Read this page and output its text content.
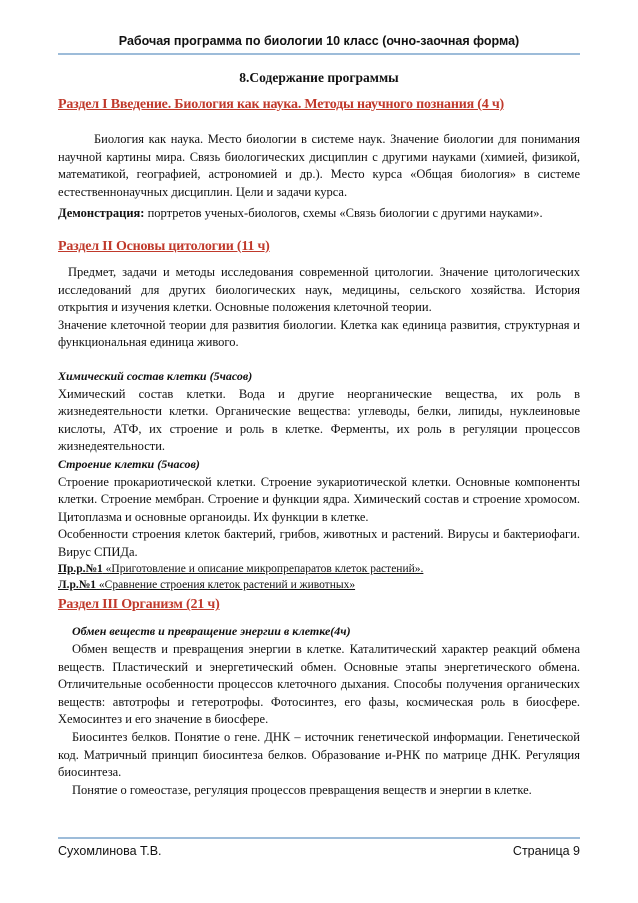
Рабочая программа по биологии 10 класс (очно-заочная форма)
8.Содержание программы
Раздел I Введение. Биология как наука. Методы научного познания (4 ч)

Биология как наука. Место биологии в системе наук. Значение биологии для понимания научной картины мира. Связь биологических дисциплин с другими науками (химией, физикой, математикой, географией, астрономией и др.). Место курса «Общая биология» в системе естественнонаучных дисциплин. Цели и задачи курса.

Демонстрация: портретов ученых-биологов, схемы «Связь биологии с другими науками».

Раздел II Основы цитологии (11 ч)

Предмет, задачи и методы исследования современной цитологии. Значение цитологических исследований для других биологических наук, медицины, сельского хозяйства. История открытия и изучения клетки. Основные положения клеточной теории.

Значение клеточной теории для развития биологии. Клетка как единица развития, структурная и функциональная единица живого.

Химический состав клетки (5часов)

Химический состав клетки. Вода и другие неорганические вещества, их роль в жизнедеятельности клетки. Органические вещества: углеводы, белки, липиды, нуклеиновые кислоты, АТФ, их строение и роль в клетке. Ферменты, их роль в регуляции процессов жизнедеятельности.

Строение клетки (5часов)

Строение прокариотической клетки. Строение эукариотической клетки. Основные компоненты клетки. Строение мембран. Строение и функции ядра. Химический состав и строение хромосом. Цитоплазма и основные органоиды. Их функции в клетке.

Особенности строения клеток бактерий, грибов, животных и растений. Вирусы и бактериофаги. Вирус СПИДа.

Пр.р.№1 «Приготовление и описание микропрепаратов клеток растений».

Л.р.№1 «Сравнение строения клеток растений и животных»

Раздел III Организм (21 ч)

Обмен веществ и превращение энергии в клетке(4ч)

Обмен веществ и превращения энергии в клетке. Каталитический характер реакций обмена веществ. Пластический и энергетический обмен. Основные этапы энергетического обмена. Отличительные особенности процессов клеточного дыхания. Способы получения органических веществ: автотрофы и гетеротрофы. Фотосинтез, его фазы, космическая роль в биосфере. Хемосинтез и его значение в биосфере.

Биосинтез белков. Понятие о гене. ДНК – источник генетической информации. Генетической код. Матричный принцип биосинтеза белков. Образование и-РНК по матрице ДНК. Регуляция биосинтеза.

Понятие о гомеостазе, регуляция процессов превращения веществ и энергии в клетке.

Сухомлинова Т.В.	Страница 9
